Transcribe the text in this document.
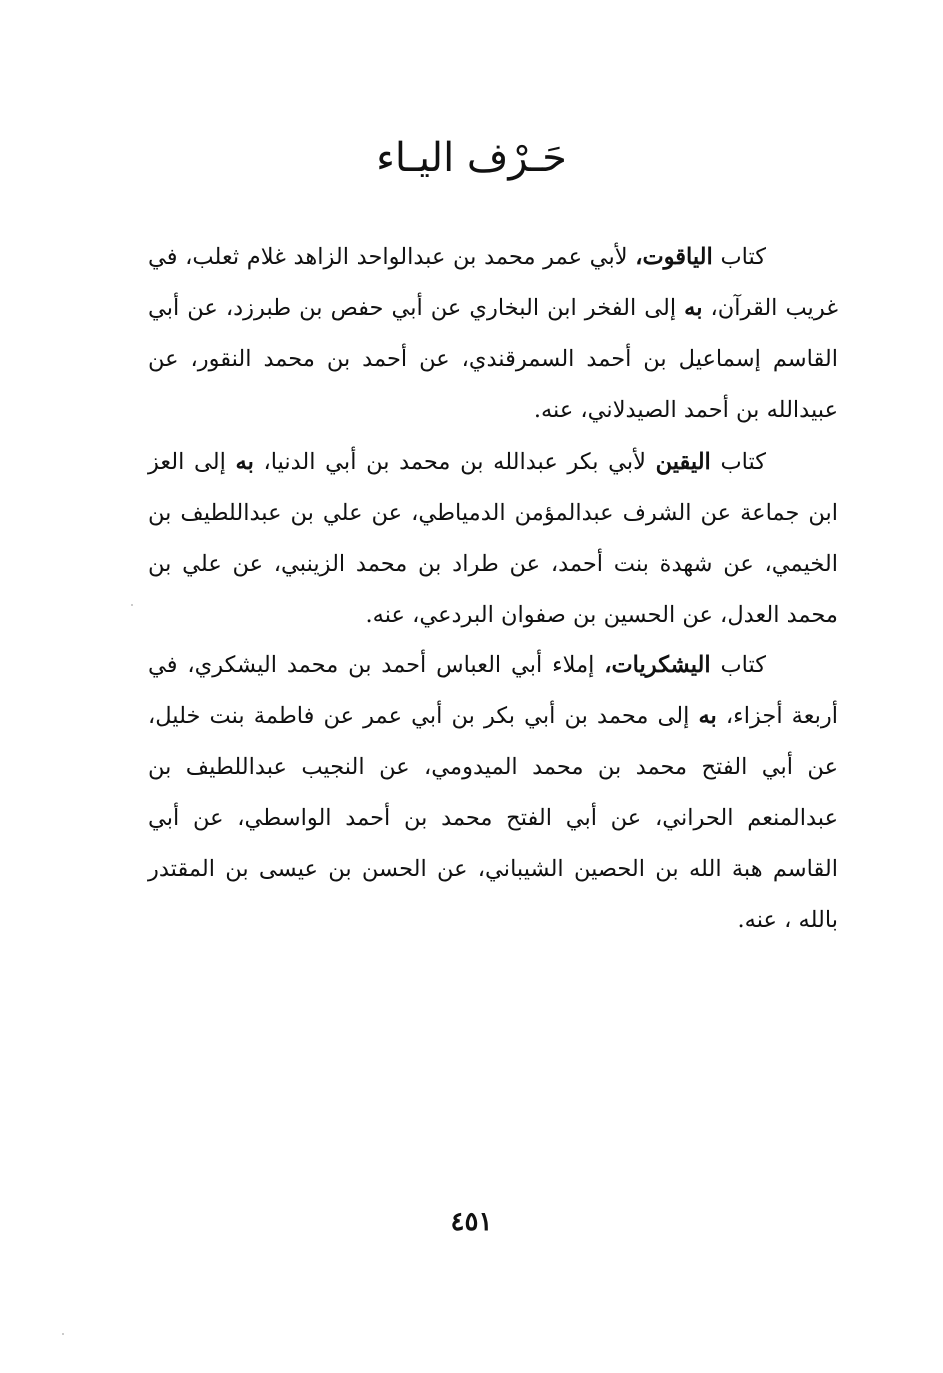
حَـرْف اليـاء

كتاب الياقوت، لأبي عمر محمد بن عبدالواحد الزاهد غلام ثعلب، في غريب القرآن، به إلى الفخر ابن البخاري عن أبي حفص بن طبرزد، عن أبي القاسم إسماعيل بن أحمد السمرقندي، عن أحمد بن محمد النقور، عن عبيدالله بن أحمد الصيدلاني، عنه.

كتاب اليقين لأبي بكر عبدالله بن محمد بن أبي الدنيا، به إلى العز ابن جماعة عن الشرف عبدالمؤمن الدمياطي، عن علي بن عبداللطيف بن الخيمي، عن شهدة بنت أحمد، عن طراد بن محمد الزينبي، عن علي بن محمد العدل، عن الحسين بن صفوان البردعي، عنه.

كتاب اليشكريات، إملاء أبي العباس أحمد بن محمد اليشكري، في أربعة أجزاء، به إلى محمد بن أبي بكر بن أبي عمر عن فاطمة بنت خليل، عن أبي الفتح محمد بن محمد الميدومي، عن النجيب عبداللطيف بن عبدالمنعم الحراني، عن أبي الفتح محمد بن أحمد الواسطي، عن أبي القاسم هبة الله بن الحصين الشيباني، عن الحسن بن عيسى بن المقتدر بالله ، عنه.

٤٥١
